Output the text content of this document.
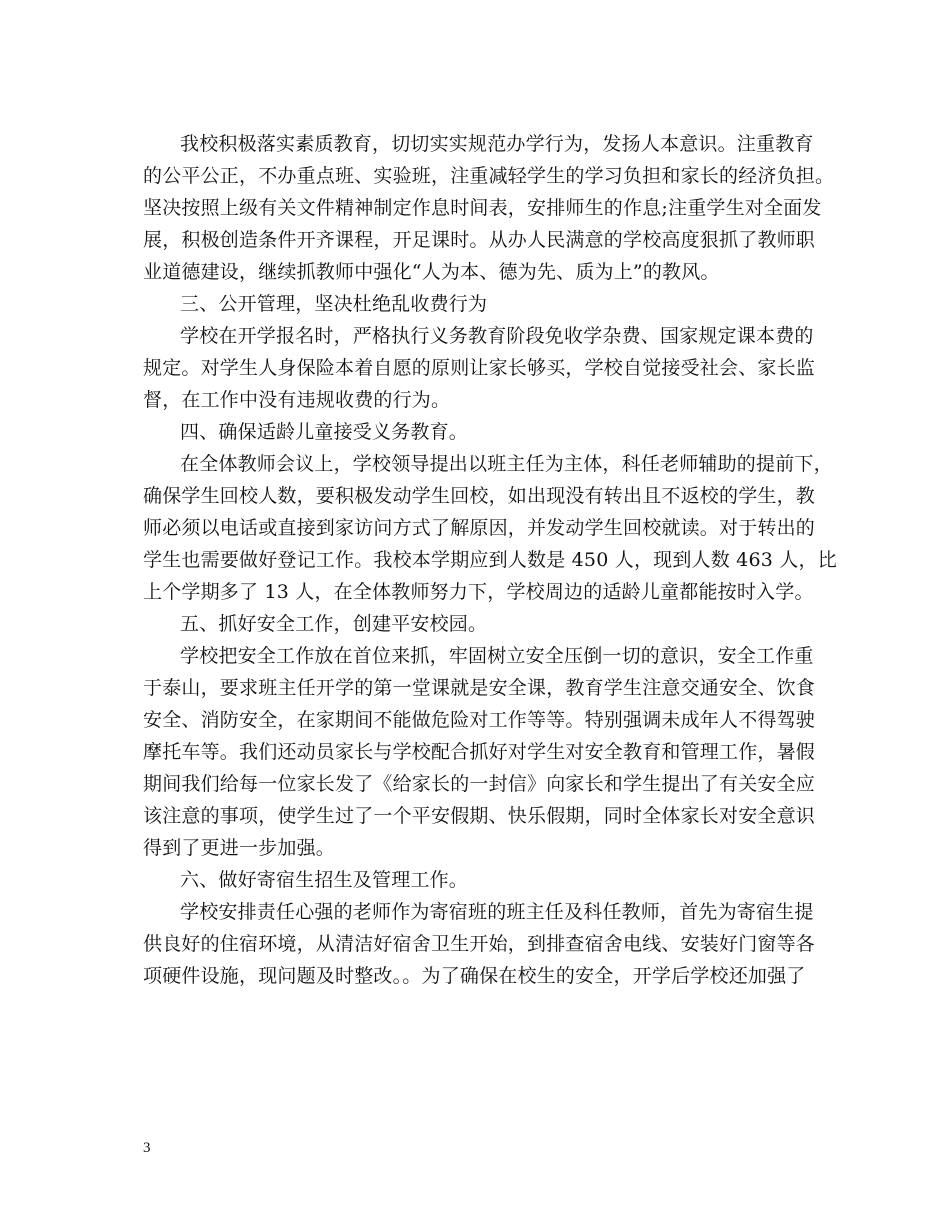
我校积极落实素质教育，切切实实规范办学行为，发扬人本意识。注重教育
的公平公正，不办重点班、实验班，注重减轻学生的学习负担和家长的经济负担。
坚决按照上级有关文件精神制定作息时间表，安排师生的作息;注重学生对全面发
展，积极创造条件开齐课程，开足课时。从办人民满意的学校高度狠抓了教师职
业道德建设，继续抓教师中强化“人为本、德为先、质为上”的教风。

三、公开管理，坚决杜绝乱收费行为

学校在开学报名时，严格执行义务教育阶段免收学杂费、国家规定课本费的
规定。对学生人身保险本着自愿的原则让家长够买，学校自觉接受社会、家长监
督，在工作中没有违规收费的行为。

四、确保适龄儿童接受义务教育。

在全体教师会议上，学校领导提出以班主任为主体，科任老师辅助的提前下，
确保学生回校人数，要积极发动学生回校，如出现没有转出且不返校的学生，教
师必须以电话或直接到家访问方式了解原因，并发动学生回校就读。对于转出的
学生也需要做好登记工作。我校本学期应到人数是 450 人，现到人数 463 人，比
上个学期多了 13 人，在全体教师努力下，学校周边的适龄儿童都能按时入学。

五、抓好安全工作，创建平安校园。

学校把安全工作放在首位来抓，牢固树立安全压倒一切的意识，安全工作重
于泰山，要求班主任开学的第一堂课就是安全课，教育学生注意交通安全、饮食
安全、消防安全，在家期间不能做危险对工作等等。特别强调未成年人不得驾驶
摩托车等。我们还动员家长与学校配合抓好对学生对安全教育和管理工作，暑假
期间我们给每一位家长发了《给家长的一封信》向家长和学生提出了有关安全应
该注意的事项，使学生过了一个平安假期、快乐假期，同时全体家长对安全意识
得到了更进一步加强。

六、做好寄宿生招生及管理工作。

学校安排责任心强的老师作为寄宿班的班主任及科任教师，首先为寄宿生提
供良好的住宿环境，从清洁好宿舍卫生开始，到排查宿舍电线、安装好门窗等各
项硬件设施，现问题及时整改。。为了确保在校生的安全，开学后学校还加强了

3
